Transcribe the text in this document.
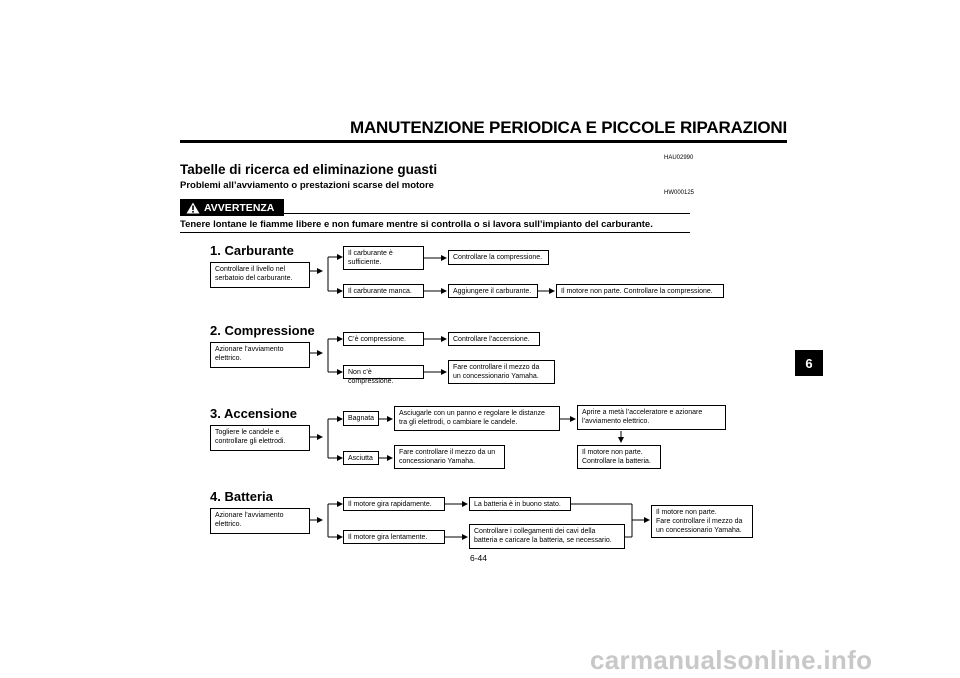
MANUTENZIONE PERIODICA E PICCOLE RIPARAZIONI
HAU02990
Tabelle di ricerca ed eliminazione guasti
Problemi all’avviamento o prestazioni scarse del motore
HW000125
AVVERTENZA
Tenere lontane le fiamme libere e non fumare mentre si controlla o si lavora sull’impianto del carburante.
1. Carburante
Controllare il livello nel
serbatoio del carburante.
Il carburante è
sufficiente.
Controllare la compressione.
Il carburante manca.	Aggiungere il carburante.	Il motore non parte. Controllare la compressione.
2. Compressione
Azionare l’avviamento
elettrico.
C’è compressione.	Controllare l’accensione.
Non c’è compressione.
Fare controllare il mezzo da
un concessionario Yamaha.
3. Accensione
Togliere le candele e
controllare gli elettrodi.
Bagnata
Asciugarle con un panno e regolare le distanze
tra gli elettrodi, o cambiare le candele.
Aprire a metà l’acceleratore e azionare
l’avviamento elettrico.
Il motore non parte.
Controllare la batteria.
Asciutta
Fare controllare il mezzo da un
concessionario Yamaha.
4. Batteria
Azionare l’avviamento
elettrico.
Il motore gira rapidamente.	La batteria è in buono stato.
Il motore gira lentamente.
Controllare i collegamenti dei cavi della
batteria e caricare la batteria, se necessario.
Il motore non parte.
Fare controllare il mezzo da
un concessionario Yamaha.
6
6-44
carmanualsonline.info
